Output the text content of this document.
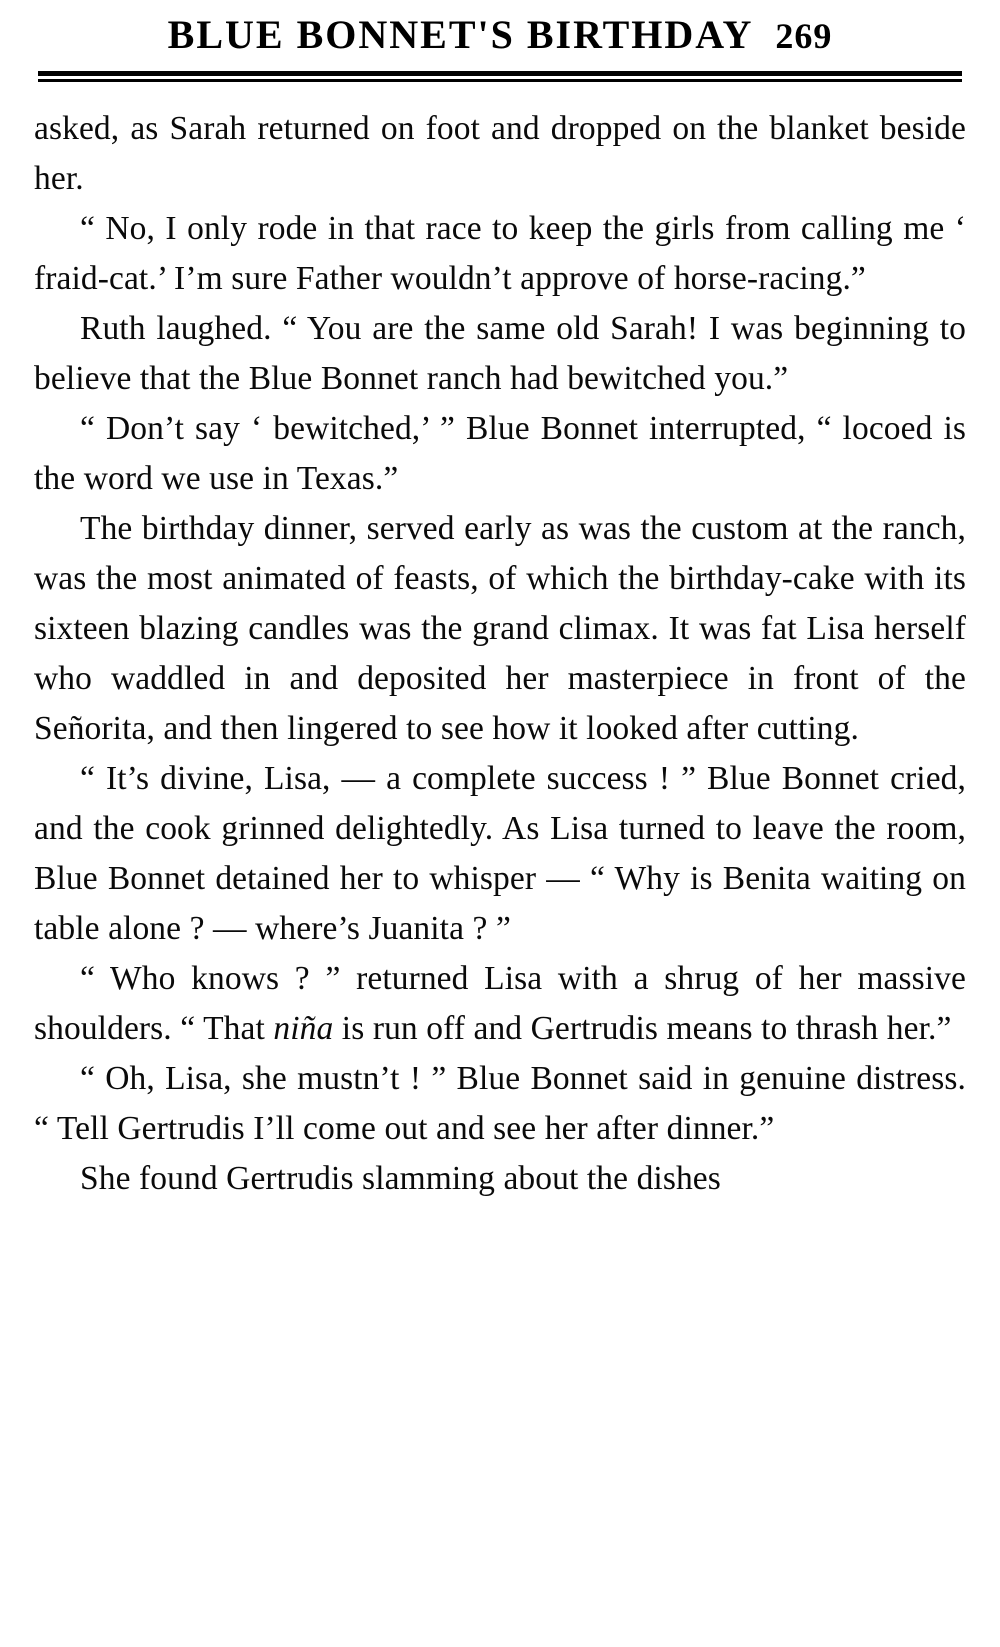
BLUE BONNET'S BIRTHDAY 269

asked, as Sarah returned on foot and dropped on the blanket beside her.

“ No, I only rode in that race to keep the girls from calling me ‘ fraid-cat.’ I’m sure Father wouldn’t approve of horse-racing.”

Ruth laughed. “ You are the same old Sarah! I was beginning to believe that the Blue Bonnet ranch had bewitched you.”

“ Don’t say ‘ bewitched,’ ” Blue Bonnet interrupted, “ locoed is the word we use in Texas.”

The birthday dinner, served early as was the custom at the ranch, was the most animated of feasts, of which the birthday-cake with its sixteen blazing candles was the grand climax. It was fat Lisa herself who waddled in and deposited her masterpiece in front of the Señorita, and then lingered to see how it looked after cutting.

“ It’s divine, Lisa, — a complete success ! ” Blue Bonnet cried, and the cook grinned delightedly. As Lisa turned to leave the room, Blue Bonnet detained her to whisper — “ Why is Benita waiting on table alone ? — where’s Juanita ? ”

“ Who knows ? ” returned Lisa with a shrug of her massive shoulders. “ That niña is run off and Gertrudis means to thrash her.”

“ Oh, Lisa, she mustn’t ! ” Blue Bonnet said in genuine distress. “ Tell Gertrudis I’ll come out and see her after dinner.”

She found Gertrudis slamming about the dishes
